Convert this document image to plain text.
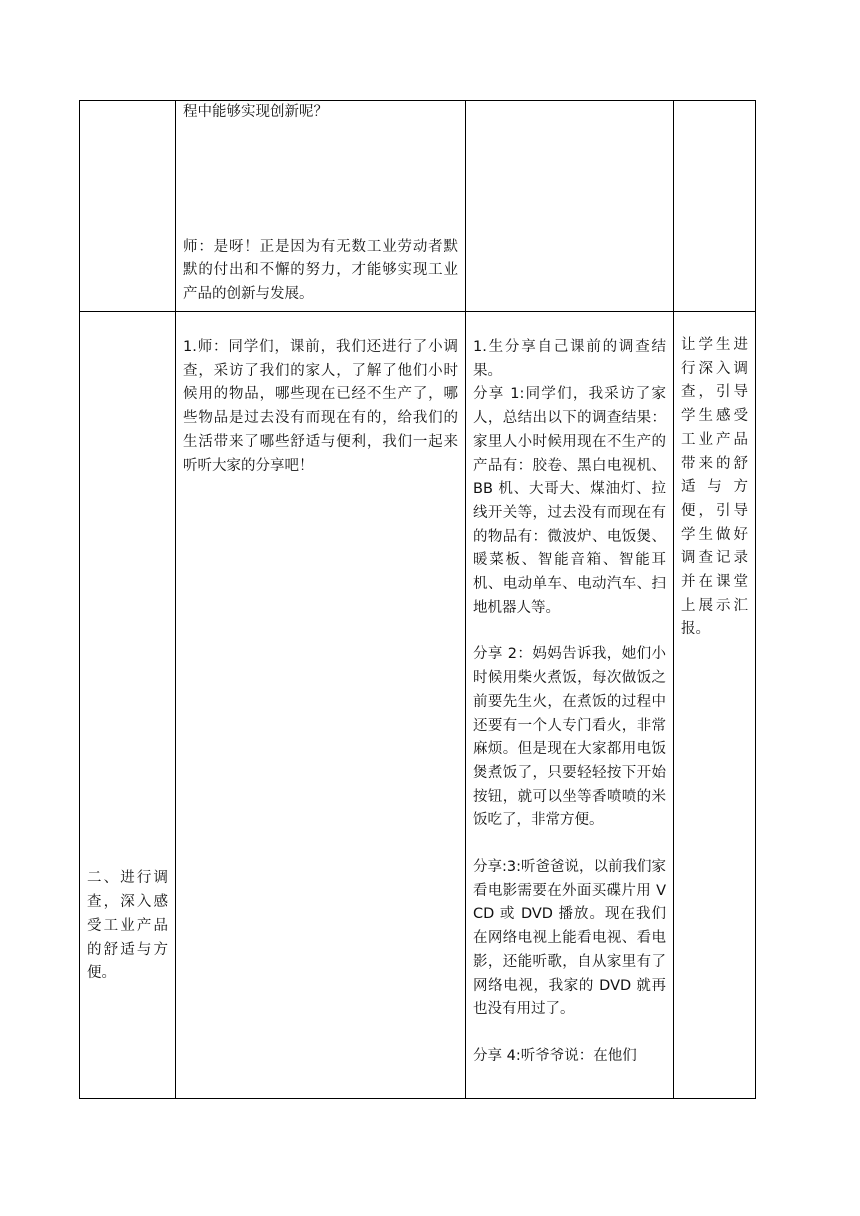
	程中能够实现创新呢？

师：是呀！正是因为有无数工业劳动者默默的付出和不懈的努力，才能够实现工业产品的创新与发展。		

二、进行调查，深入感受工业产品的舒适与方便。	1.师：同学们，课前，我们还进行了小调查，采访了我们的家人，了解了他们小时候用的物品，哪些现在已经不生产了，哪些物品是过去没有而现在有的，给我们的生活带来了哪些舒适与便利，我们一起来听听大家的分享吧！	1.生分享自己课前的调查结果。

分享 1:同学们，我采访了家人，总结出以下的调查结果：家里人小时候用现在不生产的产品有：胶卷、黑白电视机、BB 机、大哥大、煤油灯、拉线开关等，过去没有而现在有的物品有：微波炉、电饭煲、暖菜板、智能音箱、智能耳机、电动单车、电动汽车、扫地机器人等。

分享 2：妈妈告诉我，她们小时候用柴火煮饭，每次做饭之前要先生火，在煮饭的过程中还要有一个人专门看火，非常麻烦。但是现在大家都用电饭煲煮饭了，只要轻轻按下开始按钮，就可以坐等香喷喷的米饭吃了，非常方便。

分享:3:听爸爸说，以前我们家看电影需要在外面买碟片用 VCD 或 DVD 播放。现在我们在网络电视上能看电视、看电影，还能听歌，自从家里有了网络电视，我家的 DVD 就再也没有用过了。

分享 4:听爷爷说：在他们	让学生进行深入调查，引导学生感受工业产品带来的舒适与方便，引导学生做好调查记录并在课堂上展示汇报。
